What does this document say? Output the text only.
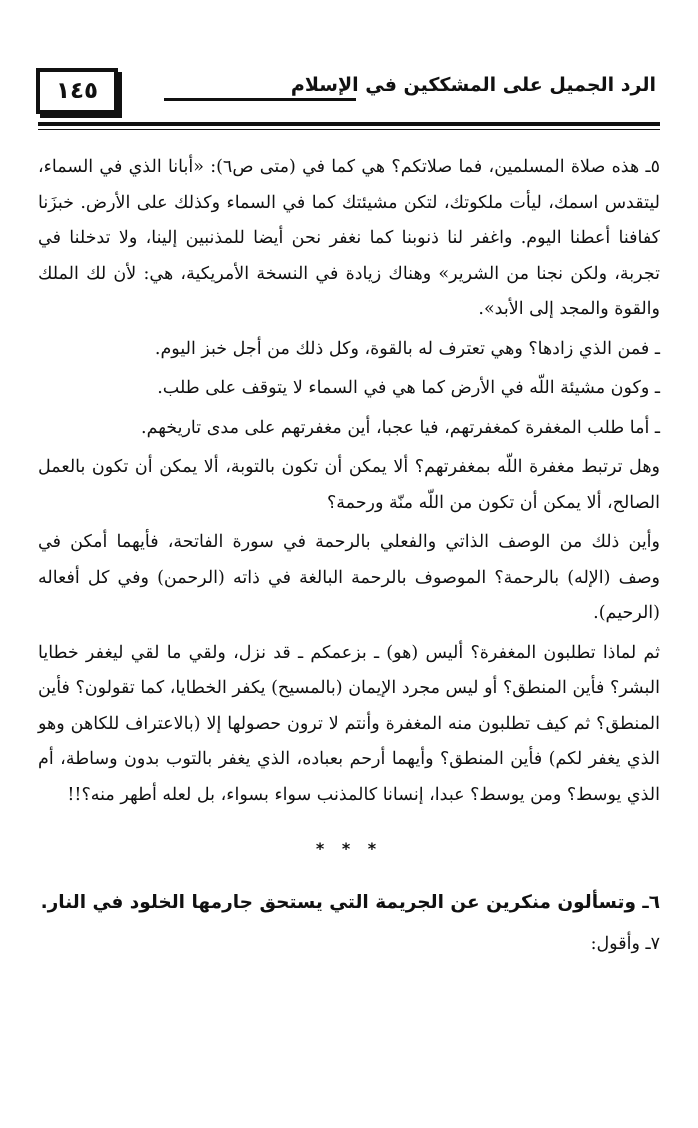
١٤٥	الرد الجميل على المشككين في الإسلام

٥ـ هذه صلاة المسلمين، فما صلاتكم؟ هي كما في (متى ص٦): «أبانا الذي في السماء، ليتقدس اسمك، ليأت ملكوتك، لتكن مشيئتك كما في السماء وكذلك على الأرض. خبزَنا كفافنا أعطنا اليوم. واغفر لنا ذنوبنا كما نغفر نحن أيضا للمذنبين إلينا، ولا تدخلنا في تجربة، ولكن نجنا من الشرير» وهناك زيادة في النسخة الأمريكية، هي: لأن لك الملك والقوة والمجد إلى الأبد».

ـ فمن الذي زادها؟ وهي تعترف له بالقوة، وكل ذلك من أجل خبز اليوم.

ـ وكون مشيئة اللّه في الأرض كما هي في السماء لا يتوقف على طلب.

ـ أما طلب المغفرة كمغفرتهم، فيا عجبا، أين مغفرتهم على مدى تاريخهم.

وهل ترتبط مغفرة اللّه بمغفرتهم؟ ألا يمكن أن تكون بالتوبة، ألا يمكن أن تكون بالعمل الصالح، ألا يمكن أن تكون من اللّه منّة ورحمة؟

وأين ذلك من الوصف الذاتي والفعلي بالرحمة في سورة الفاتحة، فأيهما أمكن في وصف (الإله) بالرحمة؟ الموصوف بالرحمة البالغة في ذاته (الرحمن) وفي كل أفعاله (الرحيم).

ثم لماذا تطلبون المغفرة؟ أليس (هو) ـ بزعمكم ـ قد نزل، ولقي ما لقي ليغفر خطايا البشر؟ فأين المنطق؟ أو ليس مجرد الإيمان (بالمسيح) يكفر الخطايا، كما تقولون؟ فأين المنطق؟ ثم كيف تطلبون منه المغفرة وأنتم لا ترون حصولها إلا (بالاعتراف للكاهن وهو الذي يغفر لكم) فأين المنطق؟ وأيهما أرحم بعباده، الذي يغفر بالتوب بدون وساطة، أم الذي يوسط؟ ومن يوسط؟ عبدا، إنسانا كالمذنب سواء بسواء، بل لعله أطهر منه؟!!

* * *

٦ـ وتسألون منكرين عن الجريمة التي يستحق جارمها الخلود في النار.

٧ـ وأقول:
